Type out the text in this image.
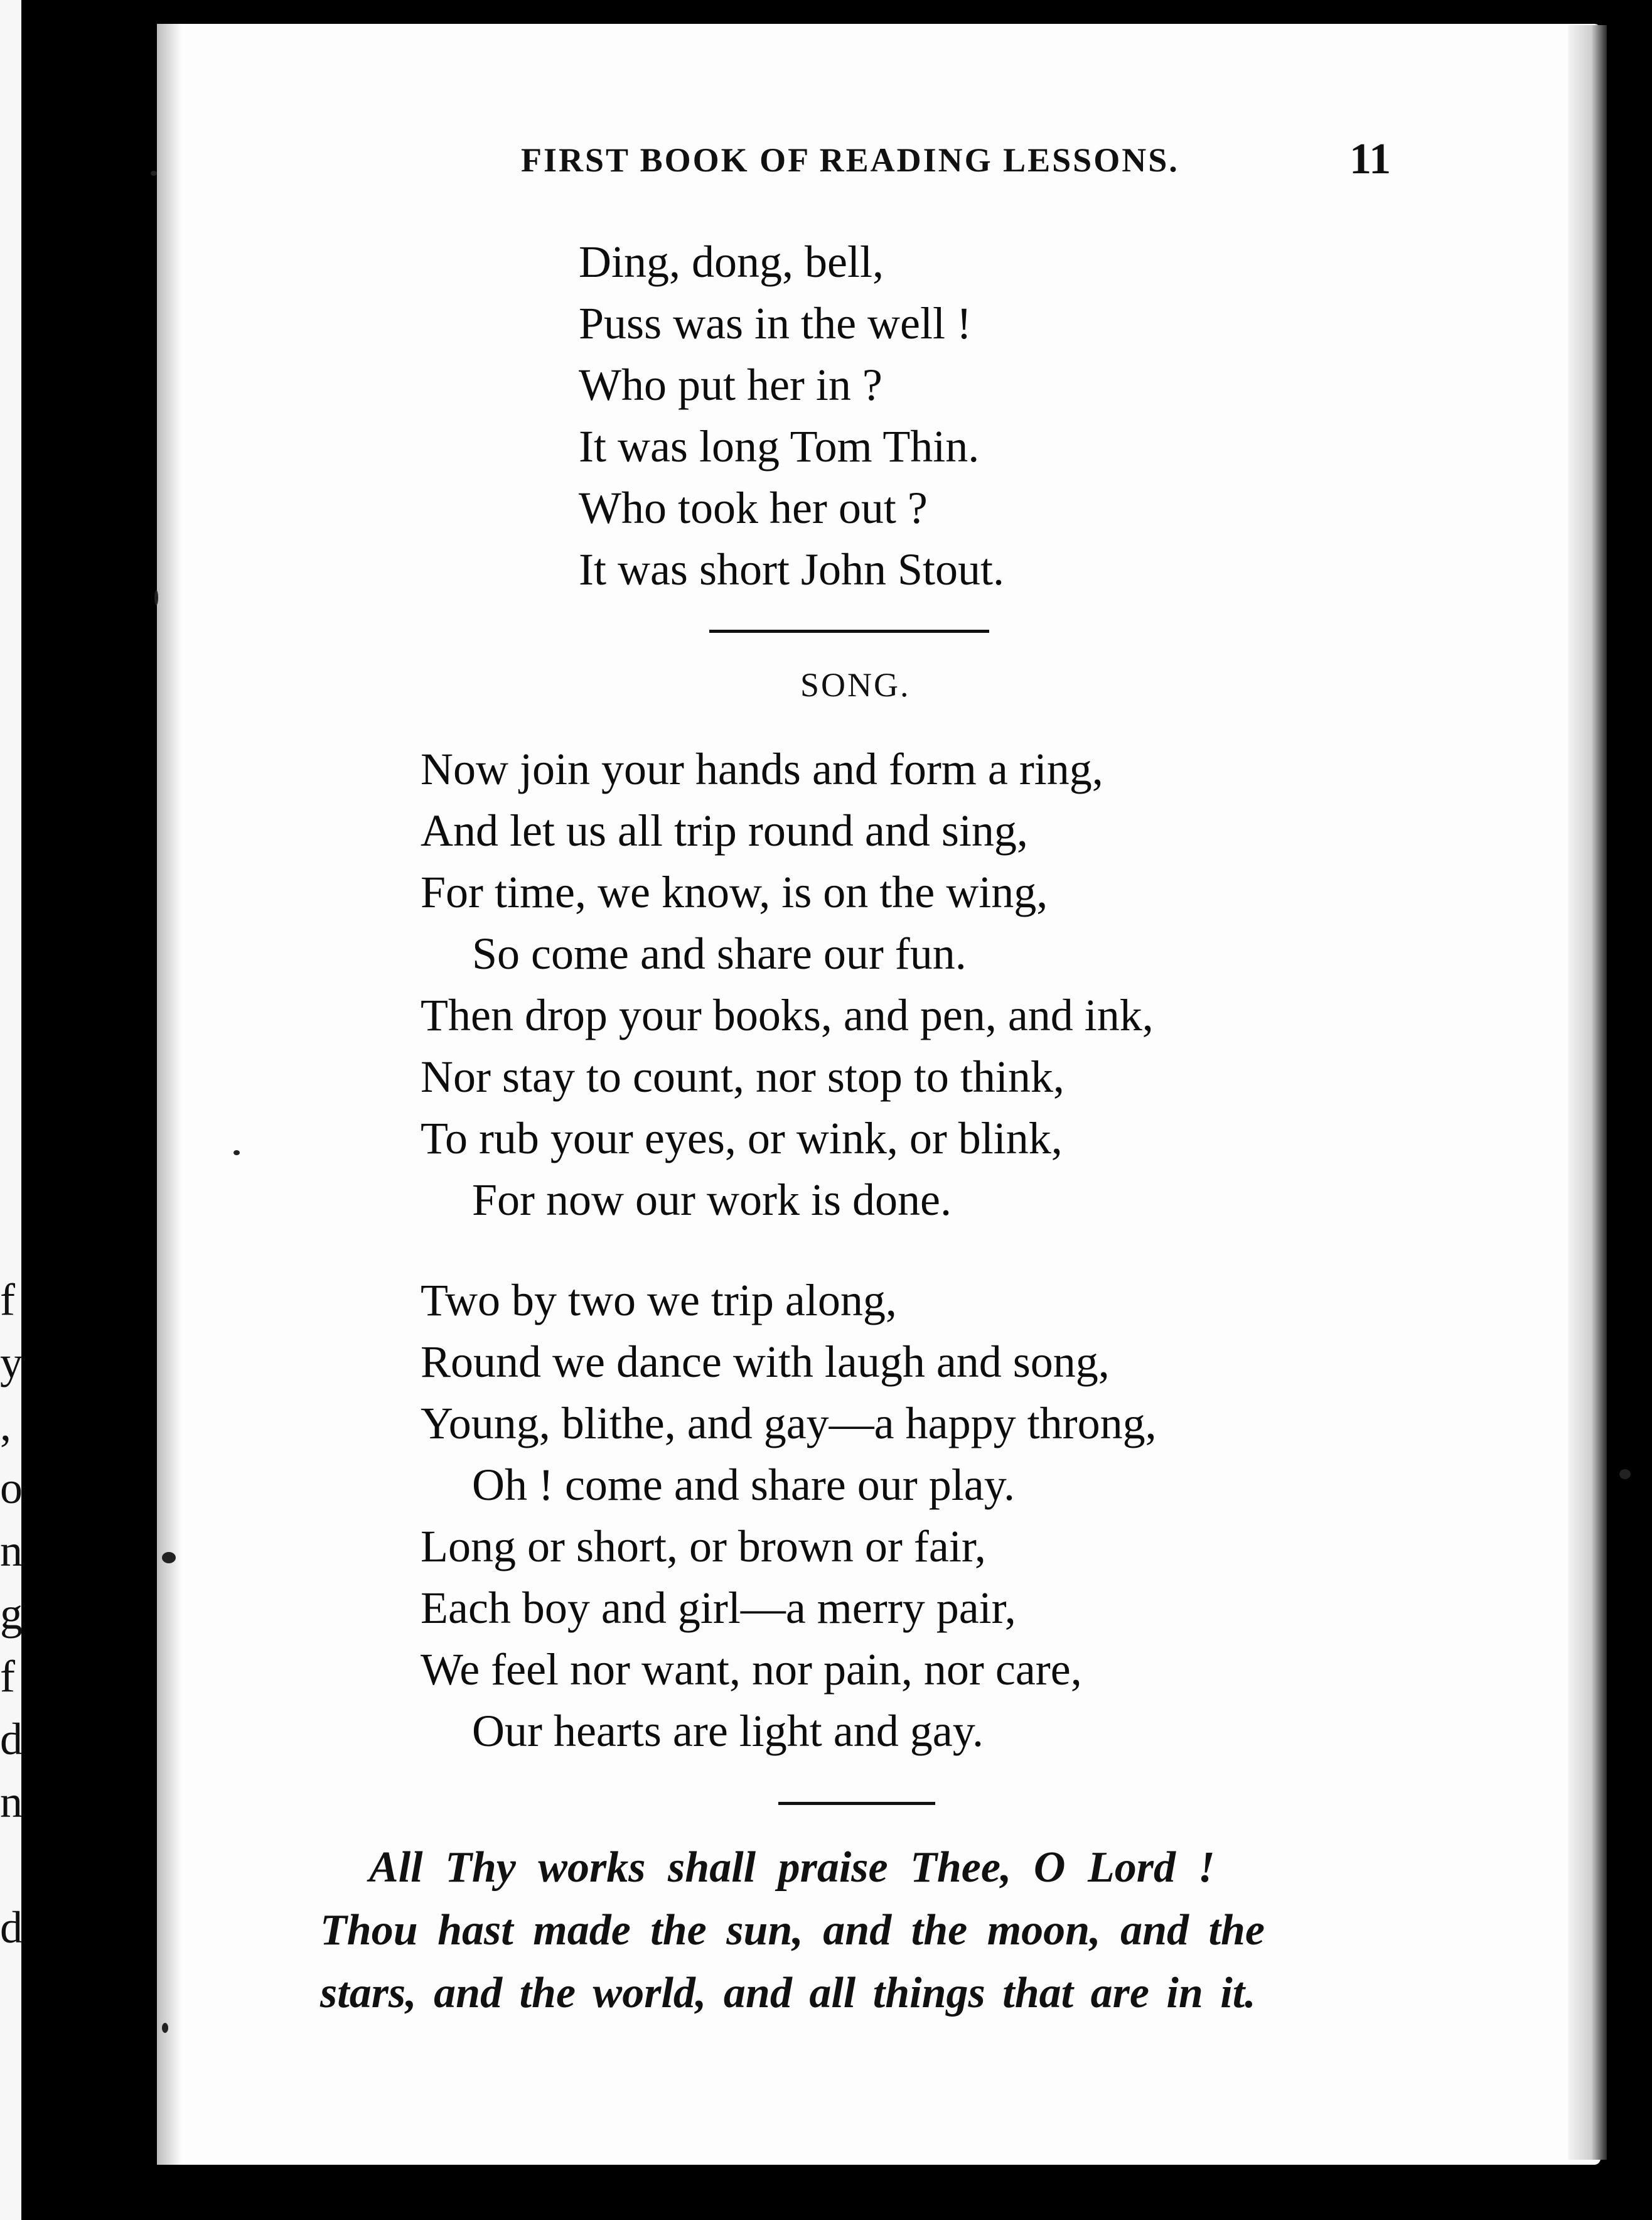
f
y
,
o
n
g
f
d
n
d
FIRST BOOK OF READING LESSONS.	11
Ding, dong, bell,
Puss was in the well !
Who put her in ?
It was long Tom Thin.
Who took her out ?
It was short John Stout.
SONG.
Now join your hands and form a ring,
And let us all trip round and sing,
For time, we know, is on the wing,
So come and share our fun.
Then drop your books, and pen, and ink,
Nor stay to count, nor stop to think,
To rub your eyes, or wink, or blink,
For now our work is done.
Two by two we trip along,
Round we dance with laugh and song,
Young, blithe, and gay—a happy throng,
Oh ! come and share our play.
Long or short, or brown or fair,
Each boy and girl—a merry pair,
We feel nor want, nor pain, nor care,
Our hearts are light and gay.
All Thy works shall praise Thee, O Lord !
Thou hast made the sun, and the moon, and the
stars, and the world, and all things that are in it.
